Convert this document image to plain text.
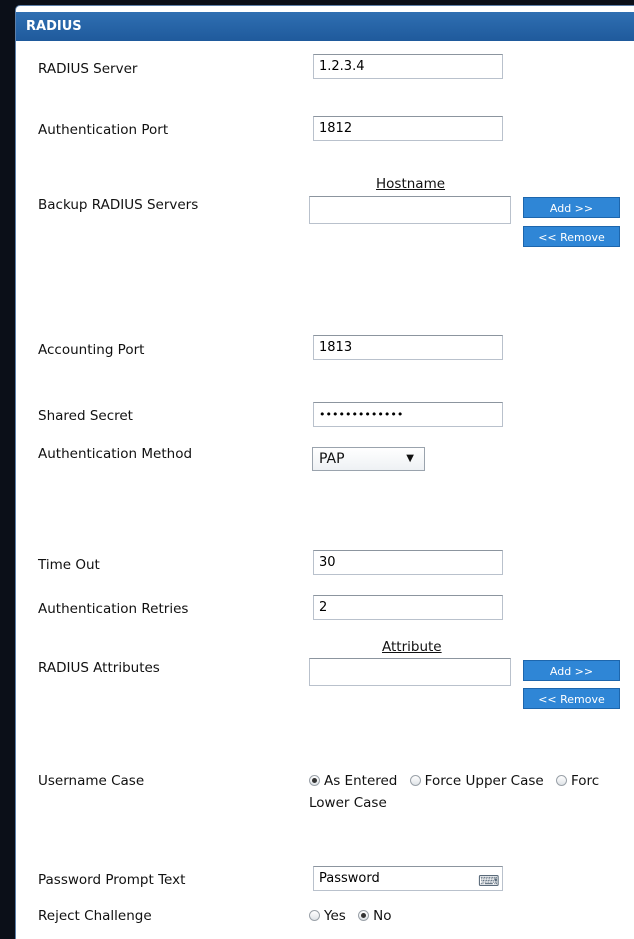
RADIUS
RADIUS Server	1.2.3.4
Authentication Port	1812
Hostname
Backup RADIUS Servers	Add >>
<< Remove
Accounting Port	1813
Shared Secret	•••••••••••••
Authentication Method	PAP	▼
Time Out	30
Authentication Retries	2
Attribute
RADIUS Attributes	Add >>
<< Remove
Username Case	As Entered Force Upper Case Forc
Lower Case
Password Prompt Text	Password	⌨
Reject Challenge	Yes No
